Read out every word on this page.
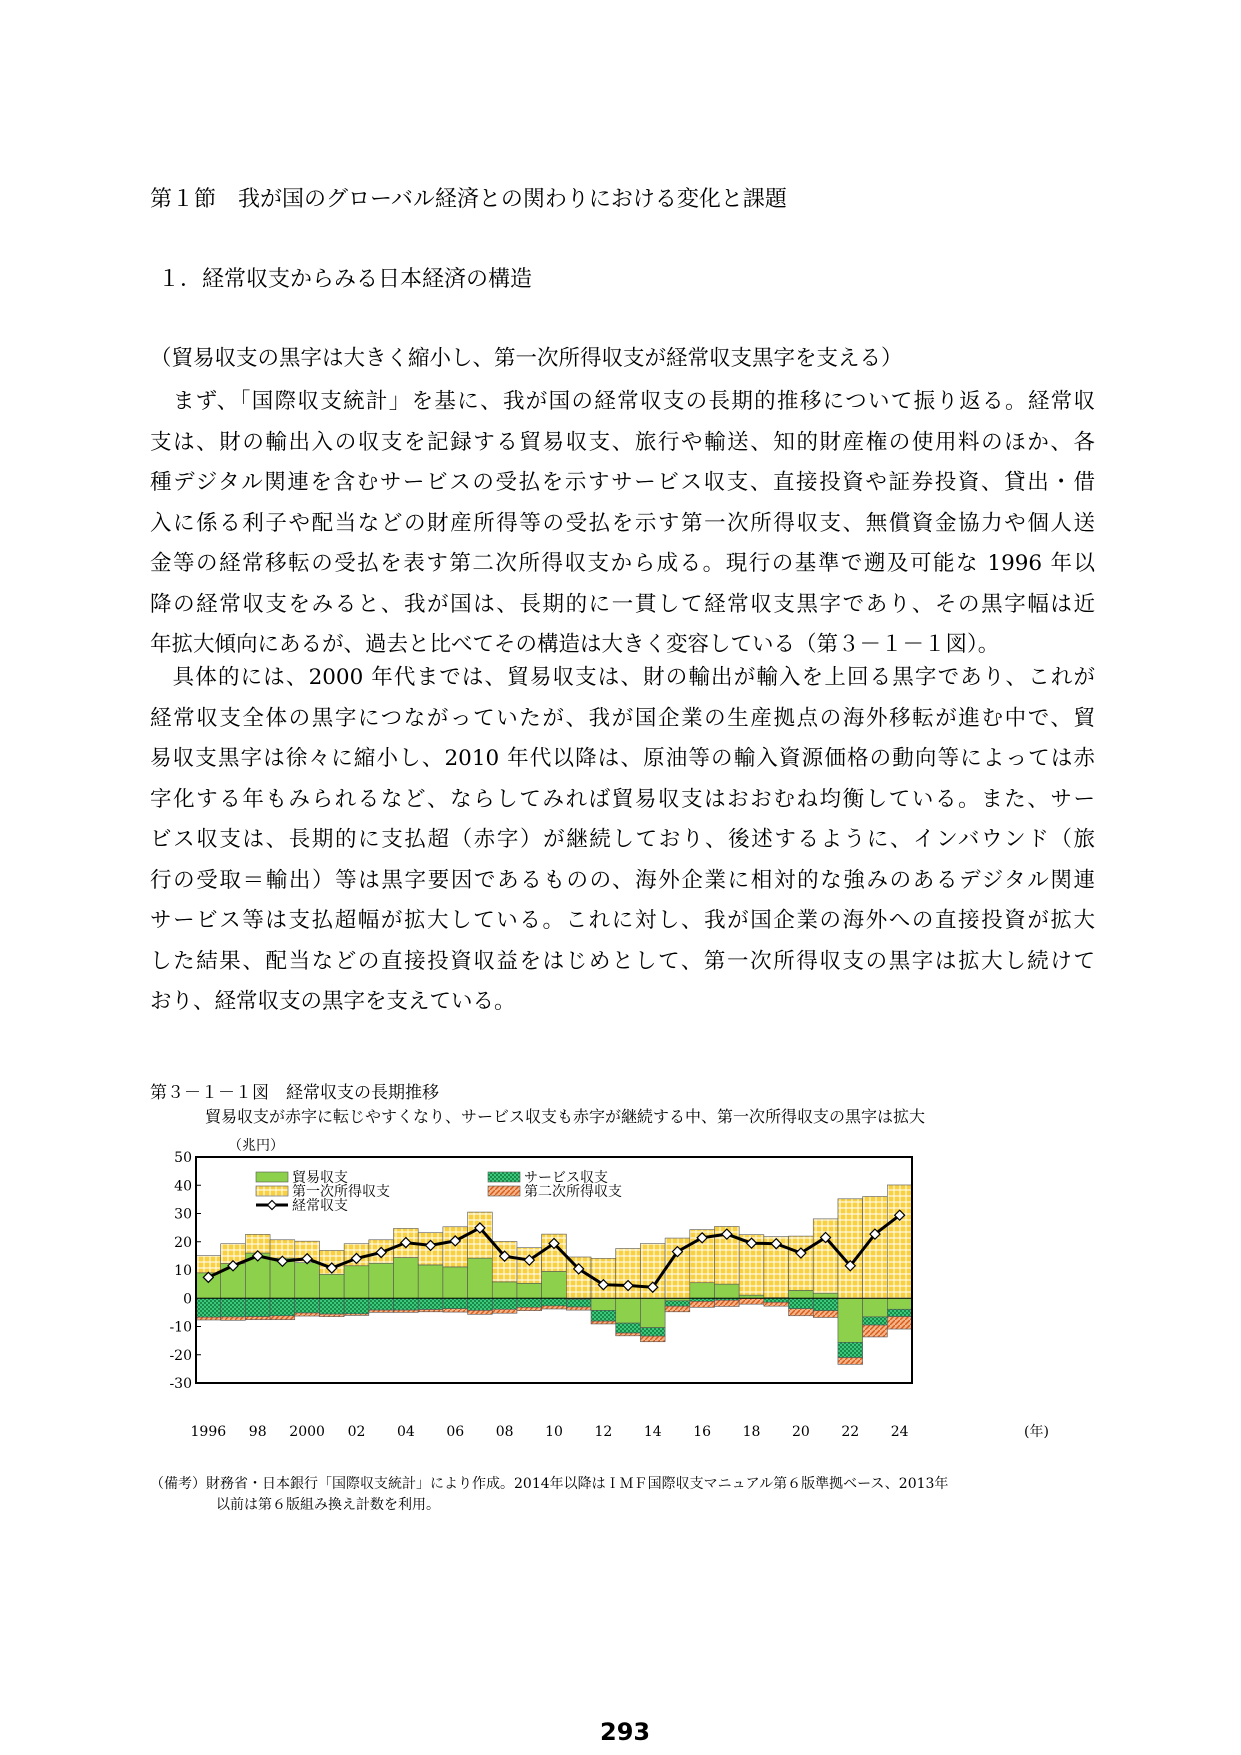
第１節　我が国のグローバル経済との関わりにおける変化と課題
１．経常収支からみる日本経済の構造
（貿易収支の黒字は大きく縮小し、第一次所得収支が経常収支黒字を支える）
　まず、「国際収支統計」を基に、我が国の経常収支の長期的推移について振り返る。経常収
支は、財の輸出入の収支を記録する貿易収支、旅行や輸送、知的財産権の使用料のほか、各
種デジタル関連を含むサービスの受払を示すサービス収支、直接投資や証券投資、貸出・借
入に係る利子や配当などの財産所得等の受払を示す第一次所得収支、無償資金協力や個人送
金等の経常移転の受払を表す第二次所得収支から成る。現行の基準で遡及可能な 1996 年以
降の経常収支をみると、我が国は、長期的に一貫して経常収支黒字であり、その黒字幅は近
年拡大傾向にあるが、過去と比べてその構造は大きく変容している（第３－１－１図）。
　具体的には、2000 年代までは、貿易収支は、財の輸出が輸入を上回る黒字であり、これが
経常収支全体の黒字につながっていたが、我が国企業の生産拠点の海外移転が進む中で、貿
易収支黒字は徐々に縮小し、2010 年代以降は、原油等の輸入資源価格の動向等によっては赤
字化する年もみられるなど、ならしてみれば貿易収支はおおむね均衡している。また、サー
ビス収支は、長期的に支払超（赤字）が継続しており、後述するように、インバウンド（旅
行の受取＝輸出）等は黒字要因であるものの、海外企業に相対的な強みのあるデジタル関連
サービス等は支払超幅が拡大している。これに対し、我が国企業の海外への直接投資が拡大
した結果、配当などの直接投資収益をはじめとして、第一次所得収支の黒字は拡大し続けて
おり、経常収支の黒字を支えている。
第３－１－１図　経常収支の長期推移
貿易収支が赤字に転じやすくなり、サービス収支も赤字が継続する中、第一次所得収支の黒字は拡大
50
40
30
20
10
0
-10
-20
-30
1996 98 2000 02 04 06 08 10 12 14 16 18 20 22 24
貿易収支	サービス収支
第一次所得収支	第二次所得収支
経常収支
（兆円）
(年)
（備考）財務省・日本銀行「国際収支統計」により作成。2014年以降はＩＭＦ国際収支マニュアル第６版準拠ベース、2013年
以前は第６版組み換え計数を利用。
293
